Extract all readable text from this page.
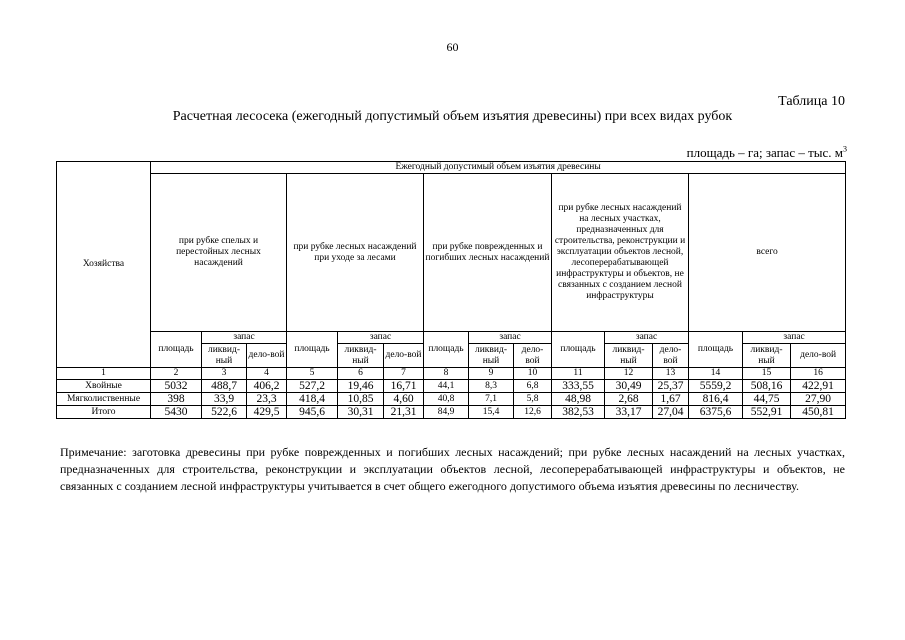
60
Таблица 10
Расчетная лесосека (ежегодный допустимый объем изъятия древесины) при всех видах рубок
площадь – га; запас – тыс. $м^3$
Хозяйства	Ежегодный допустимый объем изъятия древесины														
	при рубке спелых и перестойных лесных насаждений			при рубке лесных насаждений при уходе за лесами			при рубке поврежденных и погибших лесных насаждений			при рубке лесных насаждений на лесных участках, предназначенных для строительства, реконструкции и эксплуатации объектов лесной, лесоперерабатывающей инфраструктуры и объектов, не связанных с созданием лесной инфраструктуры			всего		
	площадь	запас		площадь	запас		площадь	запас		площадь	запас		площадь	запас	
		ликвид-ный	дело-вой		ликвид-ный	дело-вой		ликвид-ный	дело-вой		ликвид-ный	дело-вой		ликвид-ный	дело-вой
1	2	3	4	5	6	7	8	9	10	11	12	13	14	15	16
Хвойные	5032	488,7	406,2	527,2	19,46	16,71	44,1	8,3	6,8	333,55	30,49	25,37	5559,2	508,16	422,91
Мягколиственные	398	33,9	23,3	418,4	10,85	4,60	40,8	7,1	5,8	48,98	2,68	1,67	816,4	44,75	27,90
Итого	5430	522,6	429,5	945,6	30,31	21,31	84,9	15,4	12,6	382,53	33,17	27,04	6375,6	552,91	450,81
Примечание: заготовка древесины при рубке поврежденных и погибших лесных насаждений; при рубке лесных насаждений на лесных участках, предназначенных для строительства, реконструкции и эксплуатации объектов лесной, лесоперерабатывающей инфраструктуры и объектов, не связанных с созданием лесной инфраструктуры учитывается в счет общего ежегодного допустимого объема изъятия древесины по лесничеству.
